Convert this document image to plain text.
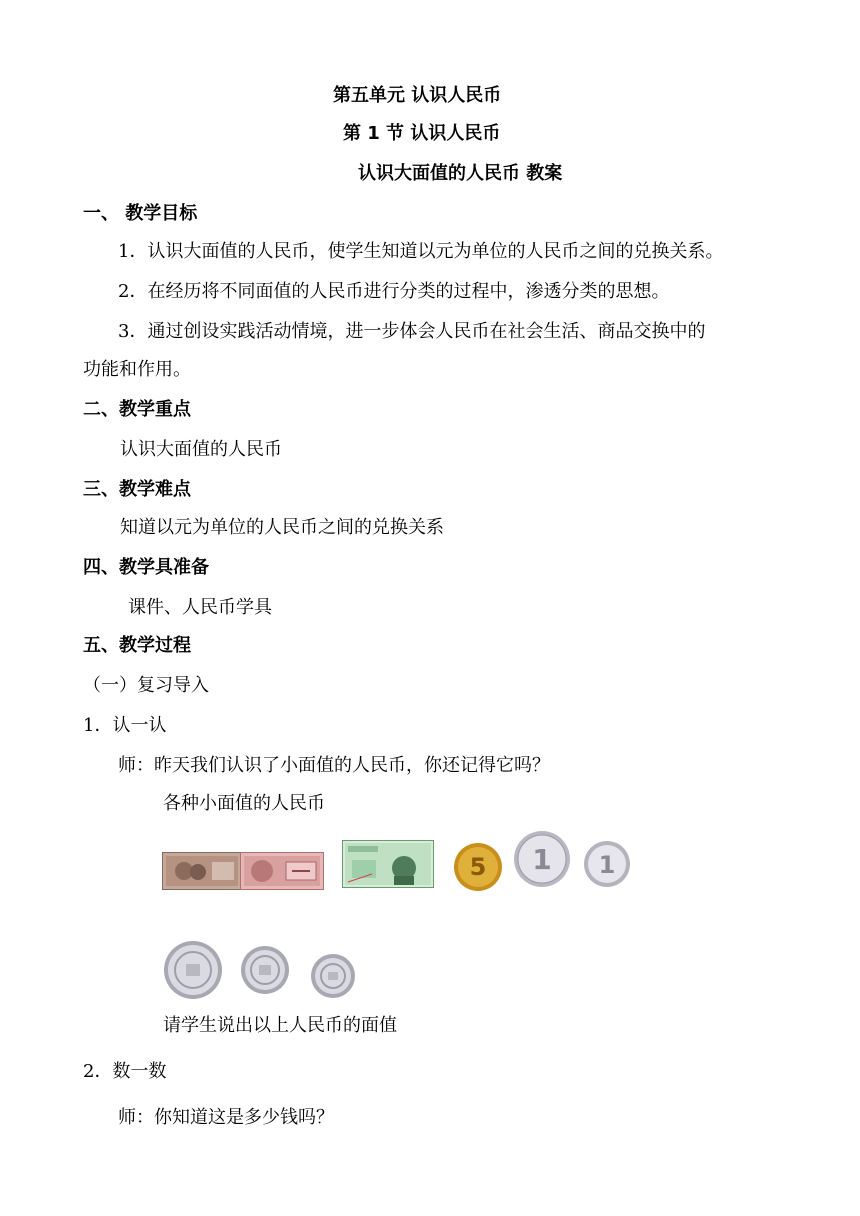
第五单元 认识人民币
第 1 节 认识人民币
认识大面值的人民币 教案
一、 教学目标
1．认识大面值的人民币，使学生知道以元为单位的人民币之间的兑换关系。
2．在经历将不同面值的人民币进行分类的过程中，渗透分类的思想。
3．通过创设实践活动情境，进一步体会人民币在社会生活、商品交换中的
功能和作用。
二、教学重点
认识大面值的人民币
三、教学难点
知道以元为单位的人民币之间的兑换关系
四、教学具准备
课件、人民币学具
五、教学过程
（一）复习导入
1．认一认
师：昨天我们认识了小面值的人民币，你还记得它吗？
各种小面值的人民币
5 1 1
请学生说出以上人民币的面值
2．数一数
师：你知道这是多少钱吗？
